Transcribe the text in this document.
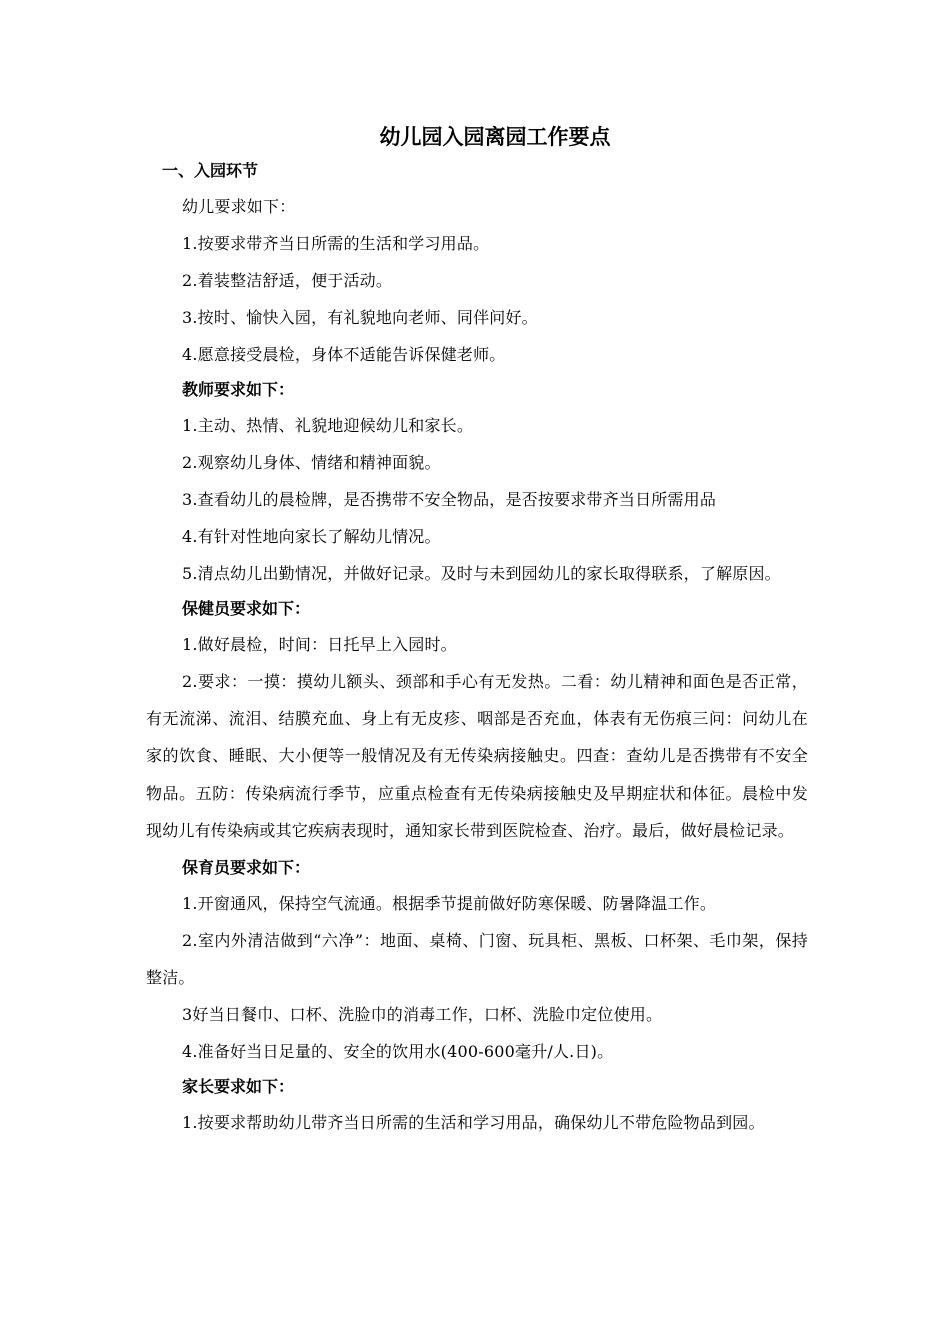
幼儿园入园离园工作要点

一、入园环节

幼儿要求如下：

1.按要求带齐当日所需的生活和学习用品。

2.着装整洁舒适，便于活动。

3.按时、愉快入园，有礼貌地向老师、同伴问好。

4.愿意接受晨检，身体不适能告诉保健老师。

教师要求如下：

1.主动、热情、礼貌地迎候幼儿和家长。

2.观察幼儿身体、情绪和精神面貌。

3.查看幼儿的晨检牌，是否携带不安全物品，是否按要求带齐当日所需用品

4.有针对性地向家长了解幼儿情况。

5.清点幼儿出勤情况，并做好记录。及时与未到园幼儿的家长取得联系，了解原因。

保健员要求如下：

1.做好晨检，时间：日托早上入园时。

2.要求：一摸：摸幼儿额头、颈部和手心有无发热。二看：幼儿精神和面色是否正常，有无流涕、流泪、结膜充血、身上有无皮疹、咽部是否充血，体表有无伤痕三问：问幼儿在家的饮食、睡眠、大小便等一般情况及有无传染病接触史。四查：查幼儿是否携带有不安全物品。五防：传染病流行季节，应重点检查有无传染病接触史及早期症状和体征。晨检中发现幼儿有传染病或其它疾病表现时，通知家长带到医院检查、治疗。最后，做好晨检记录。

保育员要求如下：

1.开窗通风，保持空气流通。根据季节提前做好防寒保暖、防暑降温工作。

2.室内外清洁做到“六净”：地面、桌椅、门窗、玩具柜、黑板、口杯架、毛巾架，保持整洁。

3好当日餐巾、口杯、洗脸巾的消毒工作，口杯、洗脸巾定位使用。

4.准备好当日足量的、安全的饮用水(400-600毫升/人.日)。

家长要求如下：

1.按要求帮助幼儿带齐当日所需的生活和学习用品，确保幼儿不带危险物品到园。
